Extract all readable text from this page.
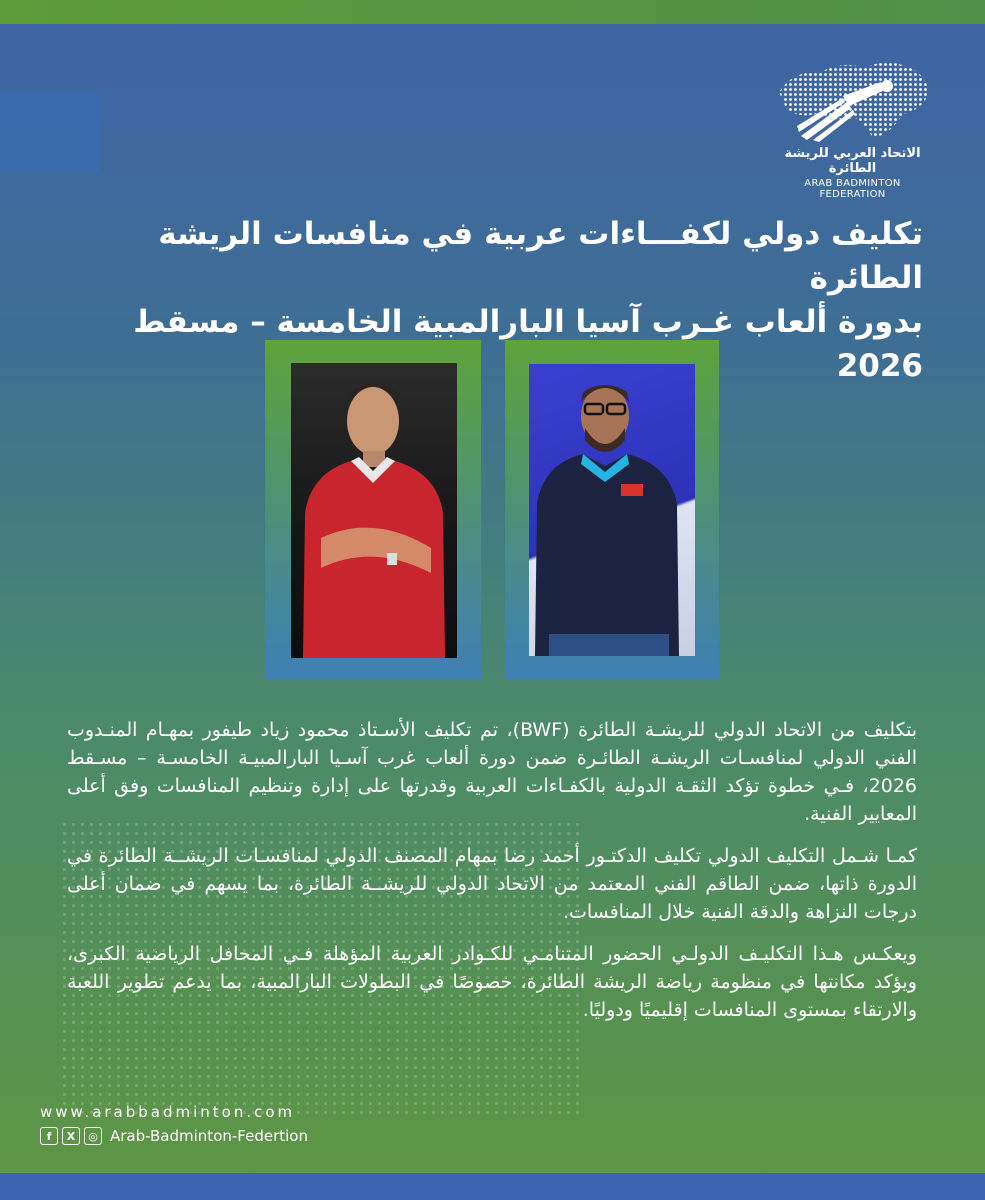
الاتحاد العربي للريشة الطائرة
ARAB BADMINTON FEDERATION
تكليف دولي لكفـــاءات عربية في منافسات الريشة الطائرة
بدورة ألعاب غـرب آسيا البارالمبية الخامسة – مسقط 2026

بتكليف من الاتحاد الدولي للريشـة الطائرة (BWF)، تم تكليف الأسـتاذ محمود زياد طيفور بمهـام المنـدوب الفني الدولي لمنافسـات الريشـة الطائـرة ضمن دورة ألعاب غرب آسـيا البارالمبيـة الخامسـة – مسـقط 2026، فـي خطوة تؤكد الثقـة الدولية بالكفـاءات العربية وقدرتها على إدارة وتنظيم المنافسات وفق أعلى المعايير الفنية.

كمـا شـمل التكليف الدولي تكليف الدكتـور أحمد رضا بمهام المصنف الدولي لمنافسـات الريشــة الطائرة في الدورة ذاتها، ضمن الطاقم الفني المعتمد من الاتحاد الدولي للريشــة الطائرة، بما يسهم في ضمان أعلى درجات النزاهة والدقة الفنية خلال المنافسات.

ويعكـس هـذا التكليـف الدولـي الحضور المتنامـي للكـوادر العربية المؤهلة فـي المحافل الرياضية الكبرى، ويؤكد مكانتها في منظومة رياضة الريشة الطائرة، خصوصًا في البطولات البارالمبية، بما يدعم تطوير اللعبة والارتقاء بمستوى المنافسات إقليميًا ودوليًا.

www.arabbadminton.com
f	X	◎ Arab-Badminton-Federtion
